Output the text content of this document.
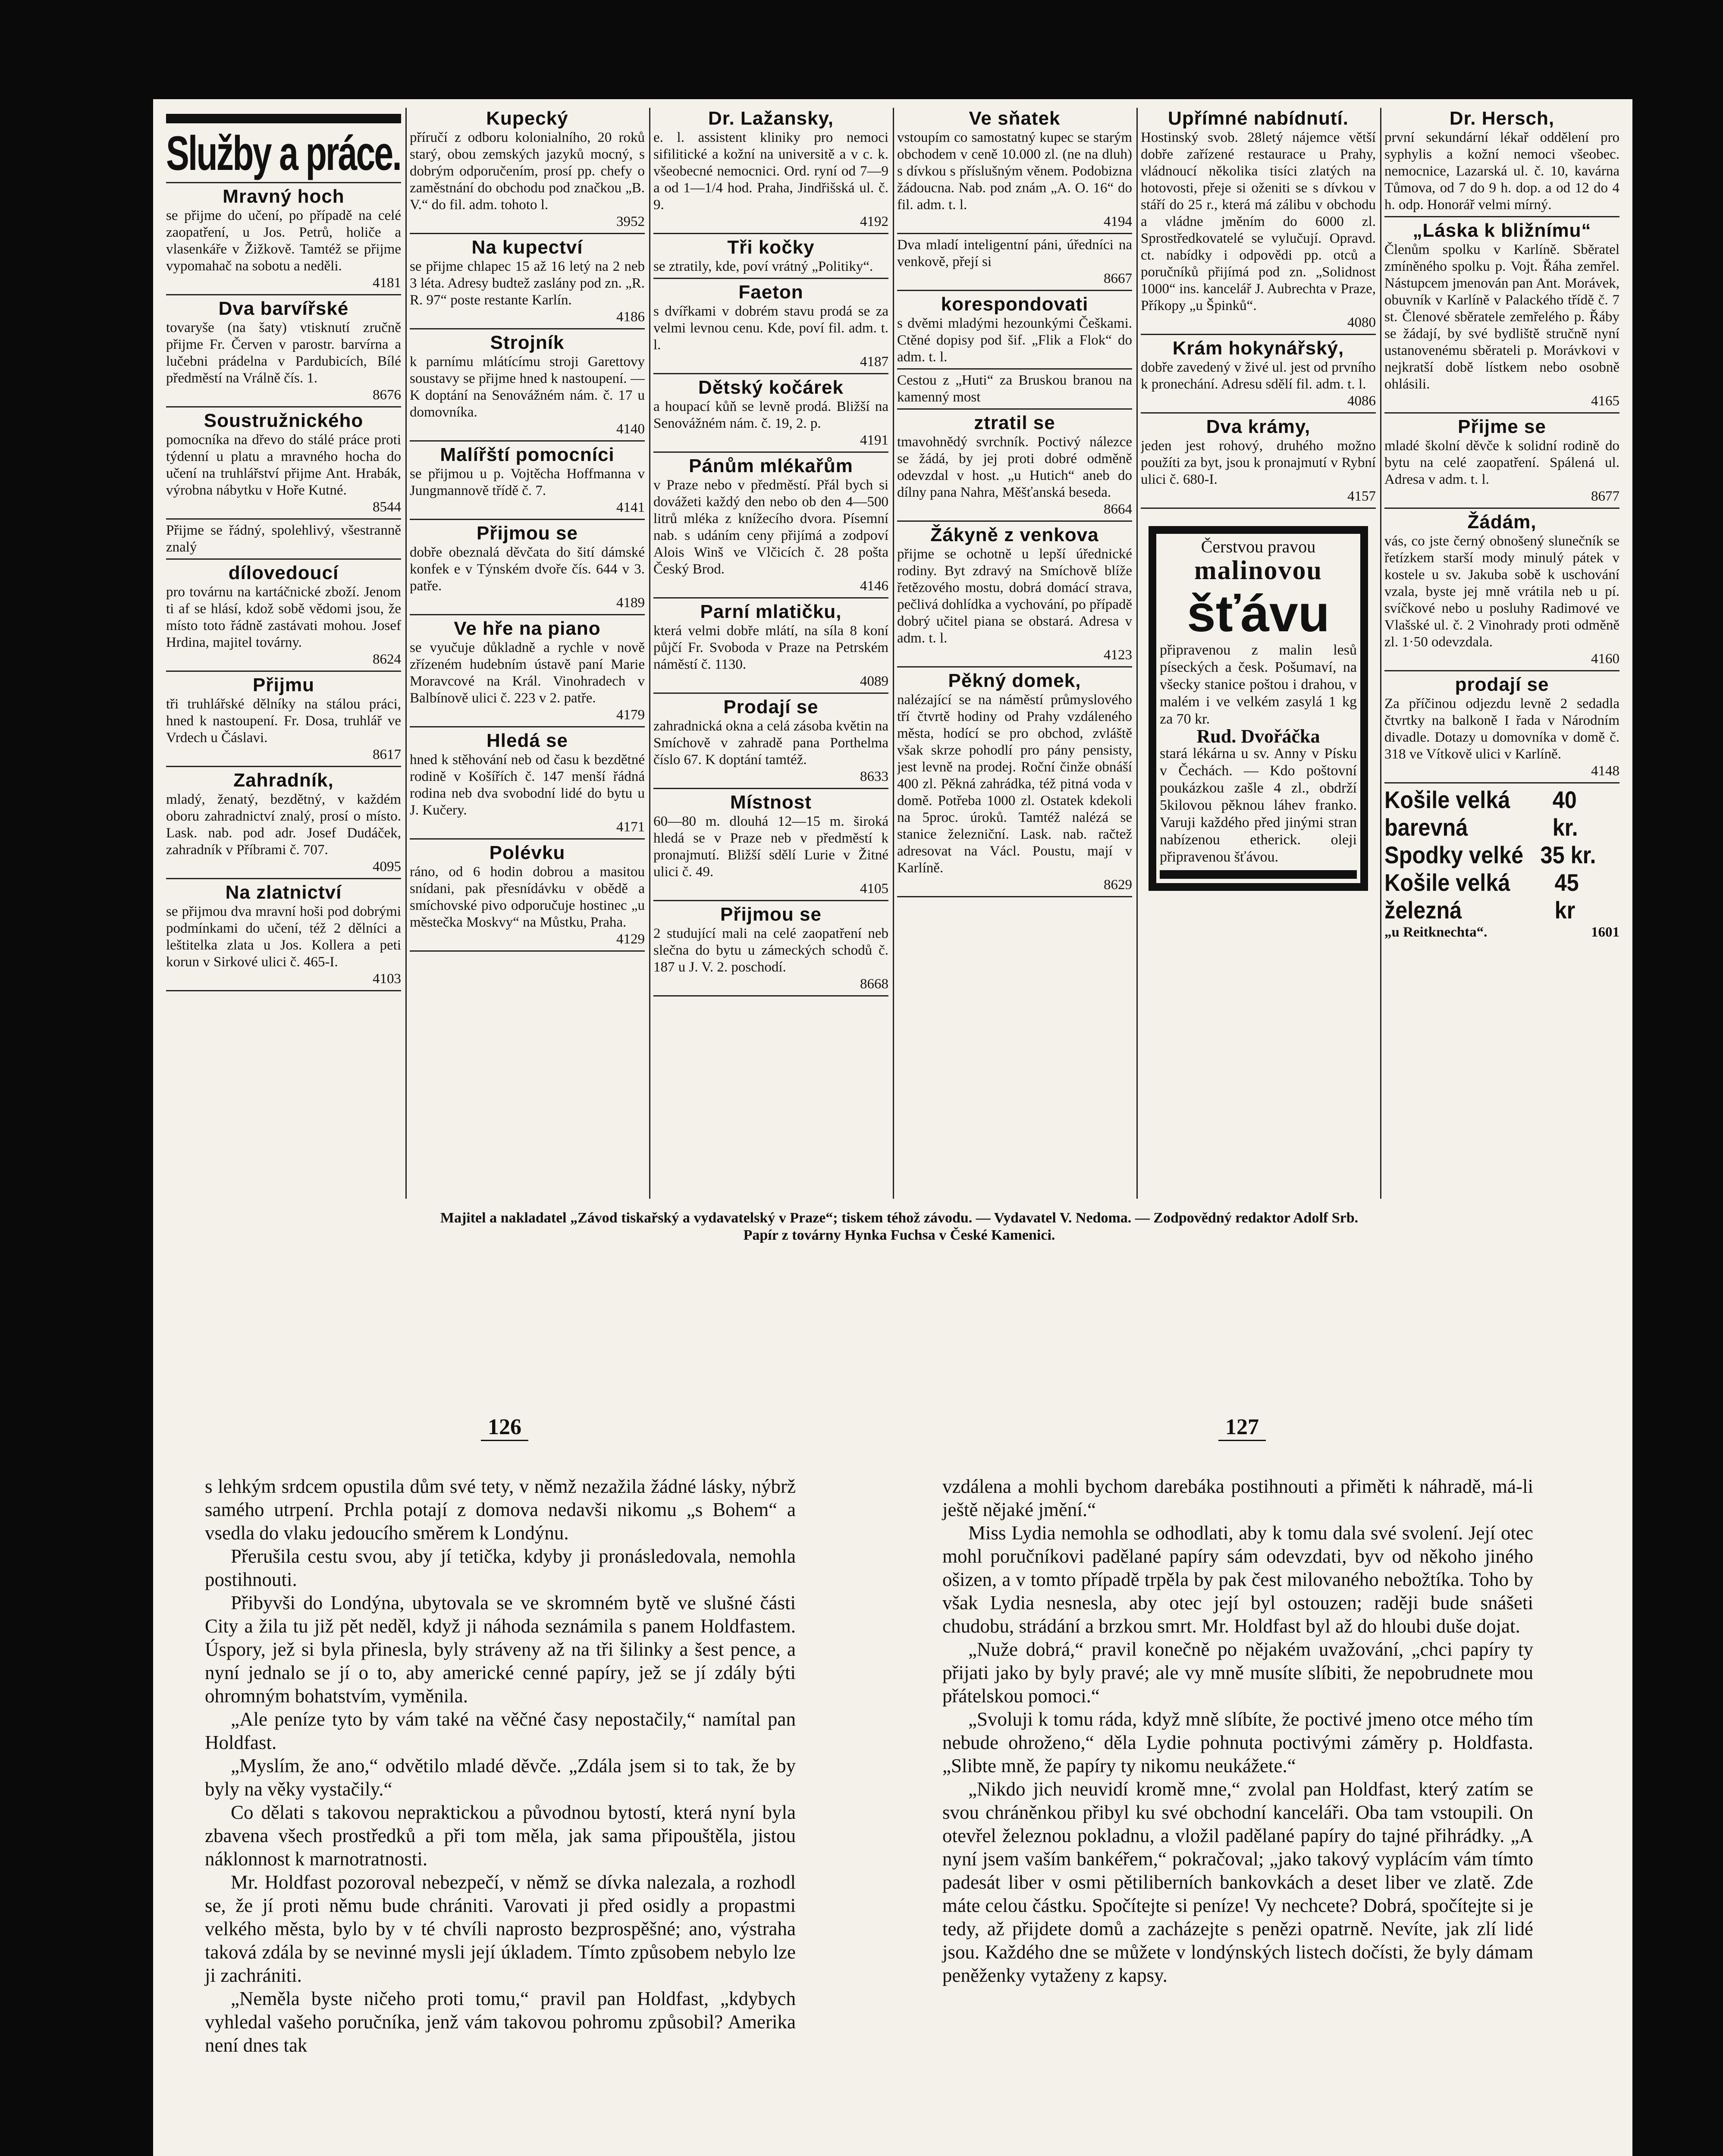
Služby a práce.
Mravný hoch

se přijme do učení, po případě na celé zaopatření, u Jos. Petrů, holiče a vlasenkáře v Žižkově. Tamtéž se přijme vypomahač na sobotu a neděli.

4181
Dva barvířské

tovaryše (na šaty) vtisknutí zručně přijme Fr. Červen v parostr. barvírna a lučebni prádelna v Pardubicích, Bílé předměstí na Vrálně čís. 1.

8676
Soustružnického

pomocníka na dřevo do stálé práce proti týdenní u platu a mravného hocha do učení na truhlářství přijme Ant. Hrabák, výrobna nábytku v Hoře Kutné.

8544

Přijme se řádný, spolehlivý, všestranně znalý

dílovedoucí

pro továrnu na kartáčnické zboží. Jenom ti af se hlásí, kdož sobě vědomi jsou, že místo toto řádně zastávati mohou. Josef Hrdina, majitel továrny.

8624
Přijmu

tři truhlářské dělníky na stálou práci, hned k nastoupení. Fr. Dosa, truhlář ve Vrdech u Čáslavi.

8617
Zahradník,

mladý, ženatý, bezdětný, v každém oboru zahradnictví znalý, prosí o místo. Lask. nab. pod adr. Josef Dudáček, zahradník v Příbrami č. 707.

4095
Na zlatnictví

se přijmou dva mravní hoši pod dobrými podmínkami do učení, též 2 dělníci a leštitelka zlata u Jos. Kollera a peti korun v Sirkové ulici č. 465-I.

4103
Kupecký

příručí z odboru kolonialního, 20 roků starý, obou zemských jazyků mocný, s dobrým odporučením, prosí pp. chefy o zaměstnání do obchodu pod značkou „B. V.“ do fil. adm. tohoto l.

3952
Na kupectví

se přijme chlapec 15 až 16 letý na 2 neb 3 léta. Adresy budtež zaslány pod zn. „R. R. 97“ poste restante Karlín.

4186
Strojník

k parnímu mlátícímu stroji Garettovy soustavy se přijme hned k nastoupení. — K doptání na Senovážném nám. č. 17 u domovníka.

4140
Malířští pomocníci

se přijmou u p. Vojtěcha Hoffmanna v Jungmannově třídě č. 7.

4141
Přijmou se

dobře obeznalá děvčata do šití dámské konfek e v Týnském dvoře čís. 644 v 3. patře.

4189
Ve hře na piano

se vyučuje důkladně a rychle v nově zřízeném hudebním ústavě paní Marie Moravcové na Král. Vinohradech v Balbínově ulici č. 223 v 2. patře.

4179
Hledá se

hned k stěhování neb od času k bezdětné rodině v Košířích č. 147 menší řádná rodina neb dva svobodní lidé do bytu u J. Kučery.

4171
Polévku

ráno, od 6 hodin dobrou a masitou snídani, pak přesnídávku v obědě a smíchovské pivo odporučuje hostinec „u městečka Moskvy“ na Můstku, Praha.

4129
Dr. Lažansky,

e. l. assistent kliniky pro nemoci sifilitické a kožní na universitě a v c. k. všeobecné nemocnici. Ord. ryní od 7—9 a od 1—1/4 hod. Praha, Jindřišská ul. č. 9.

4192
Tři kočky

se ztratily, kde, poví vrátný „Politiky“.

Faeton

s dvířkami v dobrém stavu prodá se za velmi levnou cenu. Kde, poví fil. adm. t. l.

4187
Dětský kočárek

a houpací kůň se levně prodá. Bližší na Senovážném nám. č. 19, 2. p.

4191
Pánům mlékařům

v Praze nebo v předměstí. Přál bych si dovážeti každý den nebo ob den 4—500 litrů mléka z knížecího dvora. Písemní nab. s udáním ceny přijímá a zodpoví Alois Winš ve Vlčicích č. 28 pošta Český Brod.

4146
Parní mlatičku,

která velmi dobře mlátí, na síla 8 koní půjčí Fr. Svoboda v Praze na Petrském náměstí č. 1130.

4089
Prodají se

zahradnická okna a celá zásoba květin na Smíchově v zahradě pana Porthelma číslo 67. K doptání tamtéž.

8633
Místnost

60—80 m. dlouhá 12—15 m. široká hledá se v Praze neb v předměstí k pronajmutí. Bližší sdělí Lurie v Žitné ulici č. 49.

4105
Přijmou se

2 studující mali na celé zaopatření neb slečna do bytu u zámeckých schodů č. 187 u J. V. 2. poschodí.

8668
Ve sňatek

vstoupím co samostatný kupec se starým obchodem v ceně 10.000 zl. (ne na dluh) s dívkou s příslušným věnem. Podobizna žádoucna. Nab. pod znám „A. O. 16“ do fil. adm. t. l.

4194

Dva mladí inteligentní páni, úředníci na venkově, přejí si

8667
korespondovati

s dvěmi mladými hezounkými Češkami. Ctěné dopisy pod šif. „Flik a Flok“ do adm. t. l.

Cestou z „Huti“ za Bruskou branou na kamenný most

ztratil se

tmavohnědý svrchník. Poctivý nálezce se žádá, by jej proti dobré odměně odevzdal v host. „u Hutich“ aneb do dílny pana Nahra, Měšťanská beseda.

8664
Žákyně z venkova

přijme se ochotně u lepší úřednické rodiny. Byt zdravý na Smíchově blíže řetězového mostu, dobrá domácí strava, pečlivá dohlídka a vychování, po případě dobrý učitel piana se obstará. Adresa v adm. t. l.

4123
Pěkný domek,

nalézající se na náměstí průmyslového tří čtvrtě hodiny od Prahy vzdáleného města, hodící se pro obchod, zvláště však skrze pohodlí pro pány pensisty, jest levně na prodej. Roční činže obnáší 400 zl. Pěkná zahrádka, též pitná voda v domě. Potřeba 1000 zl. Ostatek kdekoli na 5proc. úroků. Tamtéž nalézá se stanice železniční. Lask. nab. račtež adresovat na Václ. Poustu, mají v Karlíně.

8629
Upřímné nabídnutí.

Hostinský svob. 28letý nájemce větší dobře zařízené restaurace u Prahy, vládnoucí několika tisíci zlatých na hotovosti, přeje si oženiti se s dívkou v stáří do 25 r., která má zálibu v obchodu a vládne jměním do 6000 zl. Sprostředkovatelé se vylučují. Opravd. ct. nabídky i odpovědi pp. otců a poručníků přijímá pod zn. „Solidnost 1000“ ins. kancelář J. Aubrechta v Praze, Příkopy „u Špinků“.

4080
Krám hokynářský,

dobře zavedený v živé ul. jest od prvního k pronechání. Adresu sdělí fil. adm. t. l.

4086
Dva krámy,

jeden jest rohový, druhého možno použíti za byt, jsou k pronajmutí v Rybní ulici č. 680-I.

4157
Čerstvou pravou
malinovou
šťávu
připravenou z malin lesů píseckých a česk. Pošumaví, na všecky stanice poštou i drahou, v malém i ve velkém zasylá 1 kg za 70 kr.
Rud. Dvořáčka
stará lékárna u sv. Anny v Písku v Čechách. — Kdo poštovní poukázkou zašle 4 zl., obdrží 5kilovou pěknou láhev franko. Varuji každého před jinými stran nabízenou etherick. oleji připravenou šťávou.
Dr. Hersch,

první sekundární lékař oddělení pro syphylis a kožní nemoci všeobec. nemocnice, Lazarská ul. č. 10, kavárna Tůmova, od 7 do 9 h. dop. a od 12 do 4 h. odp. Honorář velmi mírný.

„Láska k bližnímu“

Členům spolku v Karlíně. Sběratel zmíněného spolku p. Vojt. Řáha zemřel. Nástupcem jmenován pan Ant. Morávek, obuvník v Karlíně v Palackého třídě č. 7 st. Členové sběratele zemřelého p. Řáby se žádají, by své bydliště stručně nyní ustanovenému sběrateli p. Morávkovi v nejkratší době lístkem nebo osobně ohlásili.

4165
Přijme se

mladé školní děvče k solidní rodině do bytu na celé zaopatření. Spálená ul. Adresa v adm. t. l.

8677
Žádám,

vás, co jste černý obnošený slunečník se řetízkem starší mody minulý pátek v kostele u sv. Jakuba sobě k uschování vzala, byste jej mně vrátila neb u pí. svíčkové nebo u posluhy Radimové ve Vlašské ul. č. 2 Vinohrady proti odměně zl. 1·50 odevzdala.

4160
prodají se

Za příčinou odjezdu levně 2 sedadla čtvrtky na balkoně I řada v Národním divadle. Dotazy u domovníka v domě č. 318 ve Vítkově ulici v Karlíně.

4148
Košile velká barevná
40 kr.
Spodky velké 35 kr.
Košile velká železná
45 kr
„u Reitknechta“.	1601
Majitel a nakladatel „Závod tiskařský a vydavatelský v Praze“; tiskem téhož závodu. — Vydavatel V. Nedoma. — Zodpovědný redaktor Adolf Srb.
Papír z továrny Hynka Fuchsa v České Kamenici.
126	127

s lehkým srdcem opustila dům své tety, v němž nezažila žádné lásky, nýbrž samého utrpení. Prchla potají z domova nedavši nikomu „s Bohem“ a vsedla do vlaku jedoucího směrem k Londýnu.

Přerušila cestu svou, aby jí tetička, kdyby ji pronásledovala, nemohla postihnouti.

Přibyvši do Londýna, ubytovala se ve skromném bytě ve slušné části City a žila tu již pět neděl, když ji náhoda seznámila s panem Holdfastem. Úspory, jež si byla přinesla, byly stráveny až na tři šilinky a šest pence, a nyní jednalo se jí o to, aby americké cenné papíry, jež se jí zdály býti ohromným bohatstvím, vyměnila.

„Ale peníze tyto by vám také na věčné časy nepostačily,“ namítal pan Holdfast.

„Myslím, že ano,“ odvětilo mladé děvče. „Zdála jsem si to tak, že by byly na věky vystačily.“

Co dělati s takovou nepraktickou a původnou bytostí, která nyní byla zbavena všech prostředků a při tom měla, jak sama připouštěla, jistou náklonnost k marnotratnosti.

Mr. Holdfast pozoroval nebezpečí, v němž se dívka nalezala, a rozhodl se, že jí proti němu bude chrániti. Varovati ji před osidly a propastmi velkého města, bylo by v té chvíli naprosto bezprospěšné; ano, výstraha taková zdála by se nevinné mysli její úkladem. Tímto způsobem nebylo lze ji zachrániti.

„Neměla byste ničeho proti tomu,“ pravil pan Holdfast, „kdybych vyhledal vašeho poručníka, jenž vám takovou pohromu způsobil? Amerika není dnes tak

vzdálena a mohli bychom darebáka postihnouti a přiměti k náhradě, má-li ještě nějaké jmění.“

Miss Lydia nemohla se odhodlati, aby k tomu dala své svolení. Její otec mohl poručníkovi padělané papíry sám odevzdati, byv od někoho jiného ošizen, a v tomto případě trpěla by pak čest milovaného nebožtíka. Toho by však Lydia nesnesla, aby otec její byl ostouzen; raději bude snášeti chudobu, strádání a brzkou smrt. Mr. Holdfast byl až do hloubi duše dojat.

„Nuže dobrá,“ pravil konečně po nějakém uvažování, „chci papíry ty přijati jako by byly pravé; ale vy mně musíte slíbiti, že nepobrudnete mou přátelskou pomoci.“

„Svoluji k tomu ráda, když mně slíbíte, že poctivé jmeno otce mého tím nebude ohroženo,“ děla Lydie pohnuta poctivými záměry p. Holdfasta. „Slibte mně, že papíry ty nikomu neukážete.“

„Nikdo jich neuvidí kromě mne,“ zvolal pan Holdfast, který zatím se svou chráněnkou přibyl ku své obchodní kanceláři. Oba tam vstoupili. On otevřel železnou pokladnu, a vložil padělané papíry do tajné přihrádky. „A nyní jsem vaším bankéřem,“ pokračoval; „jako takový vyplácím vám tímto padesát liber v osmi pětiliberních bankovkách a deset liber ve zlatě. Zde máte celou částku. Spočítejte si peníze! Vy nechcete? Dobrá, spočítejte si je tedy, až přijdete domů a zacházejte s penězi opatrně. Nevíte, jak zlí lidé jsou. Každého dne se můžete v londýnských listech dočísti, že byly dámam peněženky vytaženy z kapsy.
